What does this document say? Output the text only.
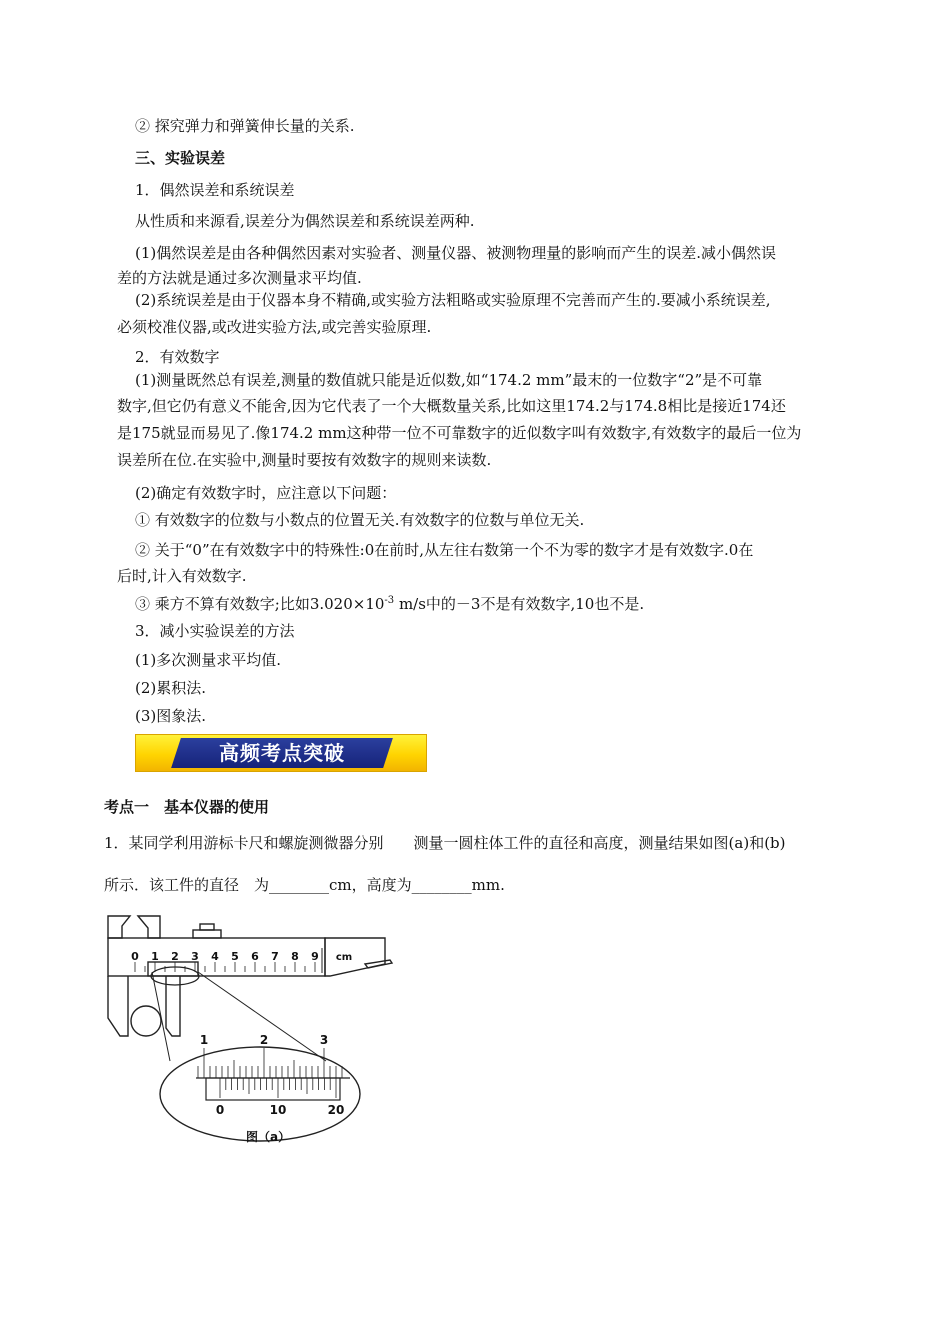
② 探究弹力和弹簧伸长量的关系.
三、实验误差
1．偶然误差和系统误差
从性质和来源看,误差分为偶然误差和系统误差两种.
(1)偶然误差是由各种偶然因素对实验者、测量仪器、被测物理量的影响而产生的误差.减小偶然误
差的方法就是通过多次测量求平均值.
(2)系统误差是由于仪器本身不精确,或实验方法粗略或实验原理不完善而产生的.要减小系统误差,
必须校准仪器,或改进实验方法,或完善实验原理.
2．有效数字
(1)测量既然总有误差,测量的数值就只能是近似数,如“174.2 mm”最末的一位数字“2”是不可靠
数字,但它仍有意义不能舍,因为它代表了一个大概数量关系,比如这里174.2与174.8相比是接近174还
是175就显而易见了.像174.2 mm这种带一位不可靠数字的近似数字叫有效数字,有效数字的最后一位为
误差所在位.在实验中,测量时要按有效数字的规则来读数.
(2)确定有效数字时，应注意以下问题：
① 有效数字的位数与小数点的位置无关.有效数字的位数与单位无关.
② 关于“0”在有效数字中的特殊性:0在前时,从左往右数第一个不为零的数字才是有效数字.0在
后时,计入有效数字.
③ 乘方不算有效数字;比如$3.020\times 10^{-3}$ m/s中的－3不是有效数字,10也不是.
3．减小实验误差的方法
(1)多次测量求平均值.
(2)累积法.
(3)图象法.
高频考点突破
考点一　基本仪器的使用
1．某同学利用游标卡尺和螺旋测微器分别　　测量一圆柱体工件的直径和高度，测量结果如图(a)和(b)
所示．该工件的直径　为________cm，高度为________mm.
0 1 2 3 4 5 6 7 8 9 cm
1	2	3
0	10	20
图（a）
